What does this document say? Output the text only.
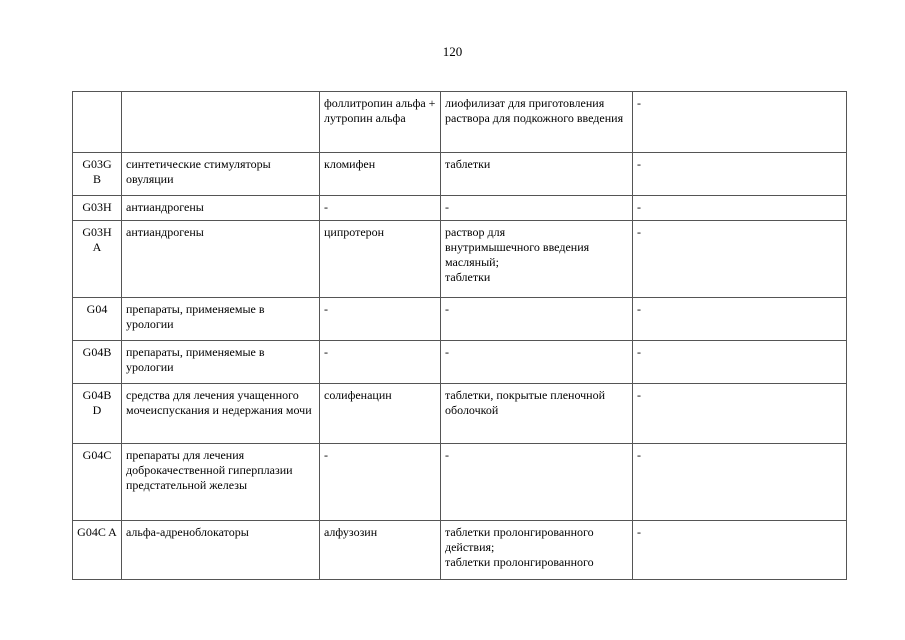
120
		фоллитропин альфа + лутропин альфа	лиофилизат для приготовления раствора для подкожного введения	-
G03G B	синтетические стимуляторы овуляции	кломифен	таблетки	-
G03H	антиандрогены	-	-	-
G03H A	антиандрогены	ципротерон	раствор для
внутримышечного введения масляный;
таблетки	-
G04	препараты, применяемые в урологии	-	-	-
G04B	препараты, применяемые в урологии	-	-	-
G04B D	средства для лечения учащенного мочеиспускания и недержания мочи	солифенацин	таблетки, покрытые пленочной оболочкой	-
G04C	препараты для лечения доброкачественной гиперплазии предстательной железы	-	-	-
G04C A	альфа-адреноблокаторы	алфузозин	таблетки пролонгированного действия;
таблетки пролонгированного	-
